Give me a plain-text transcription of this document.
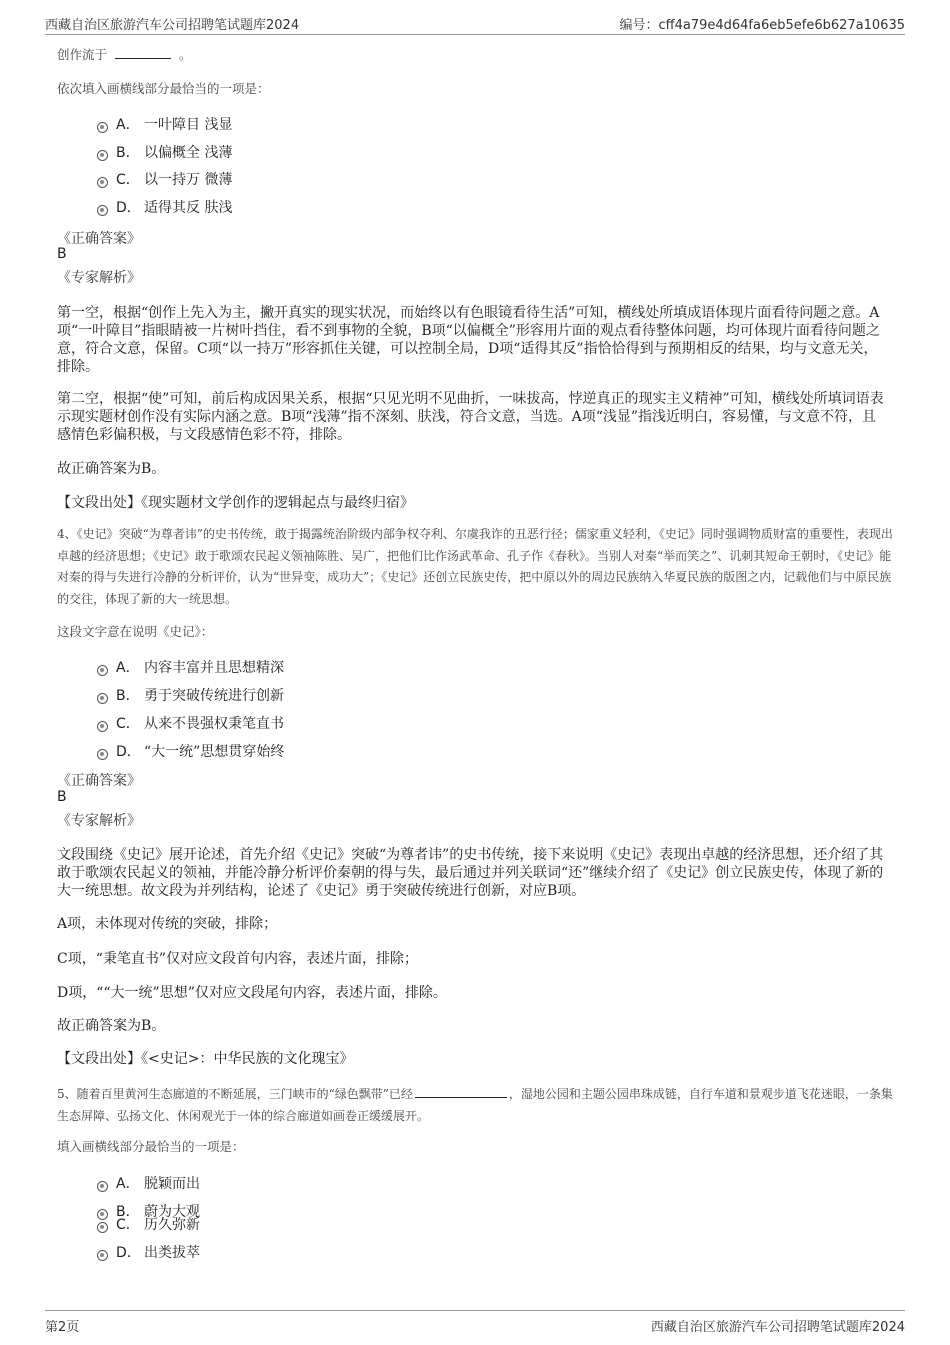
西藏自治区旅游汽车公司招聘笔试题库2024	编号：cff4a79e4d64fa6eb5efe6b627a10635
创作流于	。
依次填入画横线部分最恰当的一项是：
A． 一叶障目 浅显
B． 以偏概全 浅薄
C． 以一持万 微薄
D． 适得其反 肤浅
《正确答案》
B
《专家解析》
第一空，根据“创作上先入为主，撇开真实的现实状况，而始终以有色眼镜看待生活”可知，横线处所填成语体现片面看待问题之意。A项“一叶障目”指眼睛被一片树叶挡住，看不到事物的全貌，B项“以偏概全”形容用片面的观点看待整体问题，均可体现片面看待问题之意，符合文意，保留。C项“以一持万”形容抓住关键，可以控制全局，D项“适得其反”指恰恰得到与预期相反的结果，均与文意无关，排除。
第二空，根据“使”可知，前后构成因果关系，根据“只见光明不见曲折，一味拔高，悖逆真正的现实主义精神”可知，横线处所填词语表示现实题材创作没有实际内涵之意。B项“浅薄”指不深刻、肤浅，符合文意，当选。A项“浅显”指浅近明白，容易懂，与文意不符，且感情色彩偏积极，与文段感情色彩不符，排除。
故正确答案为B。
【文段出处】《现实题材文学创作的逻辑起点与最终归宿》
4、《史记》突破“为尊者讳”的史书传统，敢于揭露统治阶级内部争权夺利、尔虞我诈的丑恶行径；儒家重义轻利，《史记》同时强调物质财富的重要性，表现出卓越的经济思想；《史记》敢于歌颂农民起义领袖陈胜、吴广，把他们比作汤武革命、孔子作《春秋》。当别人对秦“举而笑之”、讥刺其短命王朝时，《史记》能对秦的得与失进行冷静的分析评价，认为“世异变，成功大”；《史记》还创立民族史传，把中原以外的周边民族纳入华夏民族的版图之内，记载他们与中原民族的交往，体现了新的大一统思想。
这段文字意在说明《史记》：
A． 内容丰富并且思想精深
B． 勇于突破传统进行创新
C． 从来不畏强权秉笔直书
D． “大一统”思想贯穿始终
《正确答案》
B
《专家解析》
文段围绕《史记》展开论述，首先介绍《史记》突破“为尊者讳”的史书传统，接下来说明《史记》表现出卓越的经济思想，还介绍了其敢于歌颂农民起义的领袖，并能冷静分析评价秦朝的得与失，最后通过并列关联词“还”继续介绍了《史记》创立民族史传，体现了新的大一统思想。故文段为并列结构，论述了《史记》勇于突破传统进行创新，对应B项。
A项，未体现对传统的突破，排除；
C项，“秉笔直书”仅对应文段首句内容，表述片面，排除；
D项，““大一统”思想”仅对应文段尾句内容，表述片面，排除。
故正确答案为B。
【文段出处】《<史记>：中华民族的文化瑰宝》
5、随着百里黄河生态廊道的不断延展，三门峡市的“绿色飘带”已经	，湿地公园和主题公园串珠成链，自行车道和景观步道飞花迷眼，一条集生态屏障、弘扬文化、休闲观光于一体的综合廊道如画卷正缓缓展开。
填入画横线部分最恰当的一项是：
A． 脱颖而出
B． 蔚为大观
C． 历久弥新
D． 出类拔萃
第2页	西藏自治区旅游汽车公司招聘笔试题库2024
